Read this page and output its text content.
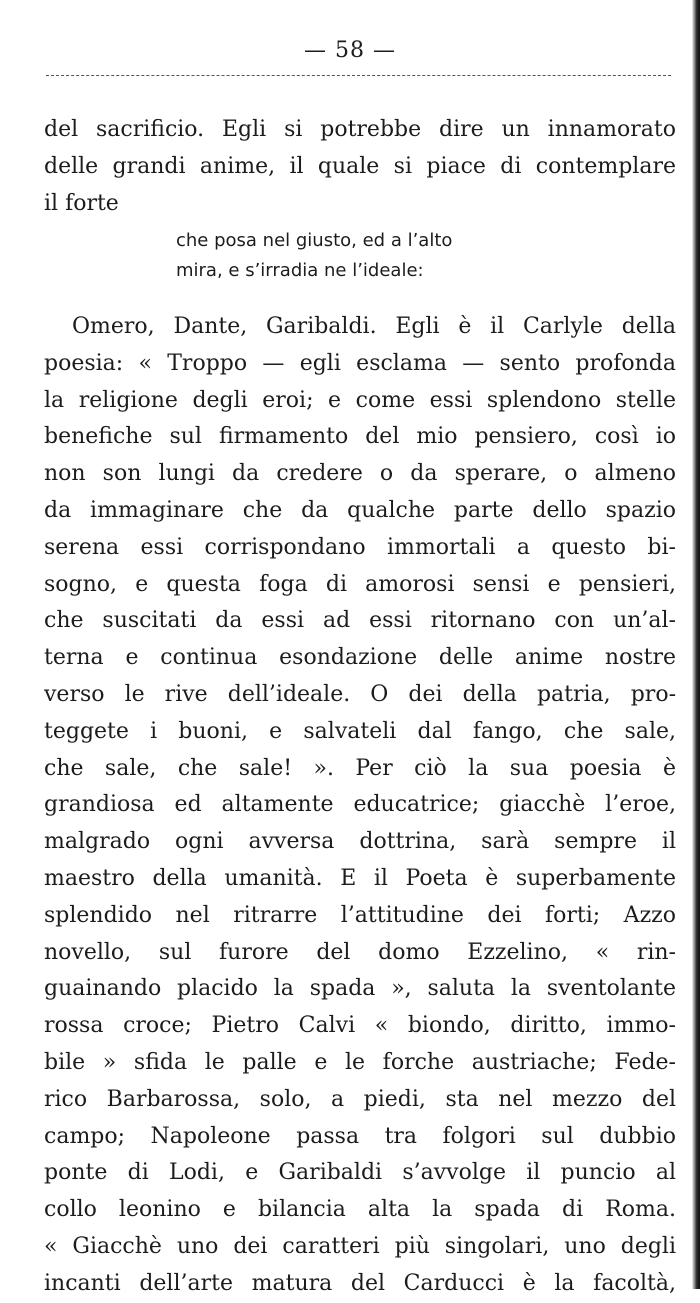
— 58 —
del sacrificio. Egli si potrebbe dire un innamorato
delle grandi anime, il quale si piace di contemplare
il forte
che posa nel giusto, ed a l’alto
mira, e s’irradia ne l’ideale:
Omero, Dante, Garibaldi. Egli è il Carlyle della
poesia: « Troppo — egli esclama — sento profonda
la religione degli eroi; e come essi splendono stelle
benefiche sul firmamento del mio pensiero, così io
non son lungi da credere o da sperare, o almeno
da immaginare che da qualche parte dello spazio
serena essi corrispondano immortali a questo bi-
sogno, e questa foga di amorosi sensi e pensieri,
che suscitati da essi ad essi ritornano con un’al-
terna e continua esondazione delle anime nostre
verso le rive dell’ideale. O dei della patria, pro-
teggete i buoni, e salvateli dal fango, che sale,
che sale, che sale! ». Per ciò la sua poesia è
grandiosa ed altamente educatrice; giacchè l’eroe,
malgrado ogni avversa dottrina, sarà sempre il
maestro della umanità. E il Poeta è superbamente
splendido nel ritrarre l’attitudine dei forti; Azzo
novello, sul furore del domo Ezzelino, « rin-
guainando placido la spada », saluta la sventolante
rossa croce; Pietro Calvi « biondo, diritto, immo-
bile » sfida le palle e le forche austriache; Fede-
rico Barbarossa, solo, a piedi, sta nel mezzo del
campo; Napoleone passa tra folgori sul dubbio
ponte di Lodi, e Garibaldi s’avvolge il puncio al
collo leonino e bilancia alta la spada di Roma.
« Giacchè uno dei caratteri più singolari, uno degli
incanti dell’arte matura del Carducci è la facoltà,
